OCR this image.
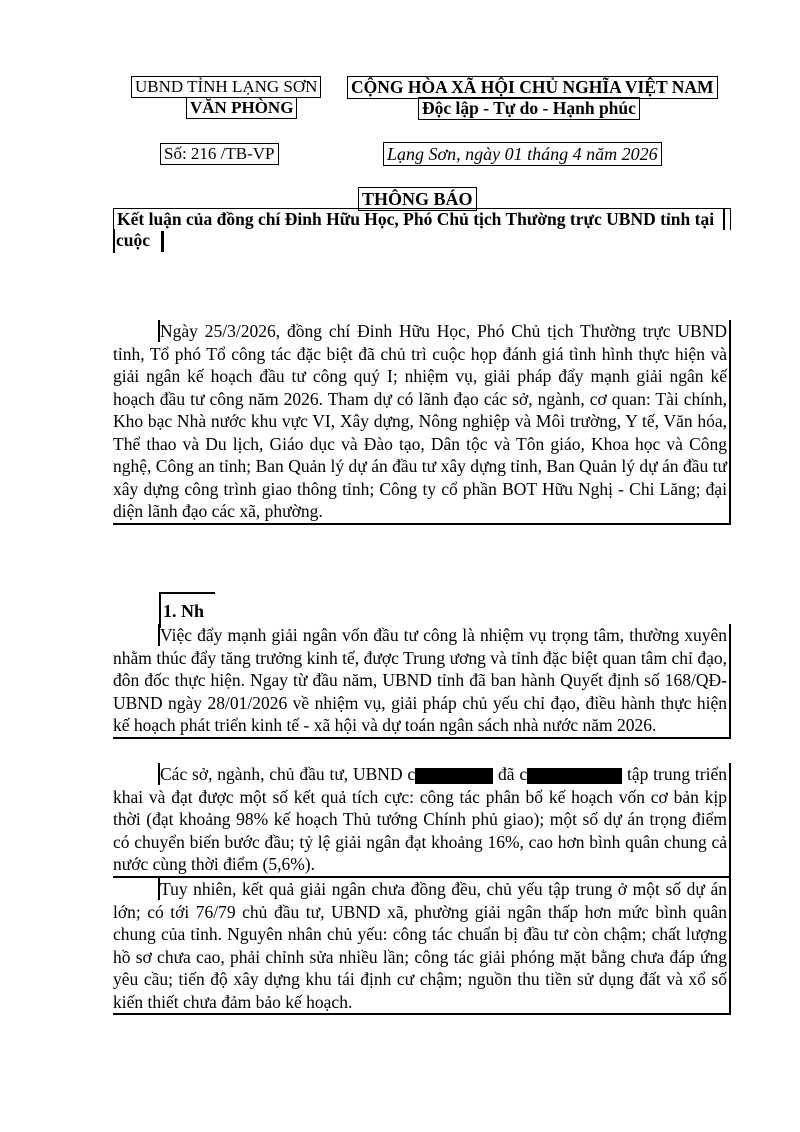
UBND TỈNH LẠNG SƠN
VĂN PHÒNG
CỘNG HÒA XÃ HỘI CHỦ NGHĨA VIỆT NAM
Độc lập - Tự do - Hạnh phúc
Số: 216 /TB-VP	Lạng Sơn, ngày 01 tháng 4 năm 2026
THÔNG BÁO
Kết luận của đồng chí Đinh Hữu Học, Phó Chủ tịch Thường trực UBND tỉnh tại
cuộc
Ngày 25/3/2026, đồng chí Đinh Hữu Học, Phó Chủ tịch Thường trực UBND tỉnh, Tổ phó Tổ công tác đặc biệt đã chủ trì cuộc họp đánh giá tình hình thực hiện và giải ngân kế hoạch đầu tư công quý I; nhiệm vụ, giải pháp đẩy mạnh giải ngân kế hoạch đầu tư công năm 2026. Tham dự có lãnh đạo các sở, ngành, cơ quan: Tài chính, Kho bạc Nhà nước khu vực VI, Xây dựng, Nông nghiệp và Môi trường, Y tế, Văn hóa, Thể thao và Du lịch, Giáo dục và Đào tạo, Dân tộc và Tôn giáo, Khoa học và Công nghệ, Công an tỉnh; Ban Quản lý dự án đầu tư xây dựng tỉnh, Ban Quản lý dự án đầu tư xây dựng công trình giao thông tỉnh; Công ty cổ phần BOT Hữu Nghị - Chi Lăng; đại diện lãnh đạo các xã, phường.
1. Nh
Việc đẩy mạnh giải ngân vốn đầu tư công là nhiệm vụ trọng tâm, thường xuyên nhằm thúc đẩy tăng trưởng kinh tế, được Trung ương và tỉnh đặc biệt quan tâm chỉ đạo, đôn đốc thực hiện. Ngay từ đầu năm, UBND tỉnh đã ban hành Quyết định số 168/QĐ-UBND ngày 28/01/2026 về nhiệm vụ, giải pháp chủ yếu chỉ đạo, điều hành thực hiện kế hoạch phát triển kinh tế - xã hội và dự toán ngân sách nhà nước năm 2026.
Các sở, ngành, chủ đầu tư, UBND c	đã c	tập trung triển khai và đạt được một số kết quả tích cực: công tác phân bổ kế hoạch vốn cơ bản kịp thời (đạt khoảng 98% kế hoạch Thủ tướng Chính phủ giao); một số dự án trọng điểm có chuyển biến bước đầu; tỷ lệ giải ngân đạt khoảng 16%, cao hơn bình quân chung cả nước cùng thời điểm (5,6%).
Tuy nhiên, kết quả giải ngân chưa đồng đều, chủ yếu tập trung ở một số dự án lớn; có tới 76/79 chủ đầu tư, UBND xã, phường giải ngân thấp hơn mức bình quân chung của tỉnh. Nguyên nhân chủ yếu: công tác chuẩn bị đầu tư còn chậm; chất lượng hồ sơ chưa cao, phải chỉnh sửa nhiều lần; công tác giải phóng mặt bằng chưa đáp ứng yêu cầu; tiến độ xây dựng khu tái định cư chậm; nguồn thu tiền sử dụng đất và xổ số kiến thiết chưa đảm bảo kế hoạch.
